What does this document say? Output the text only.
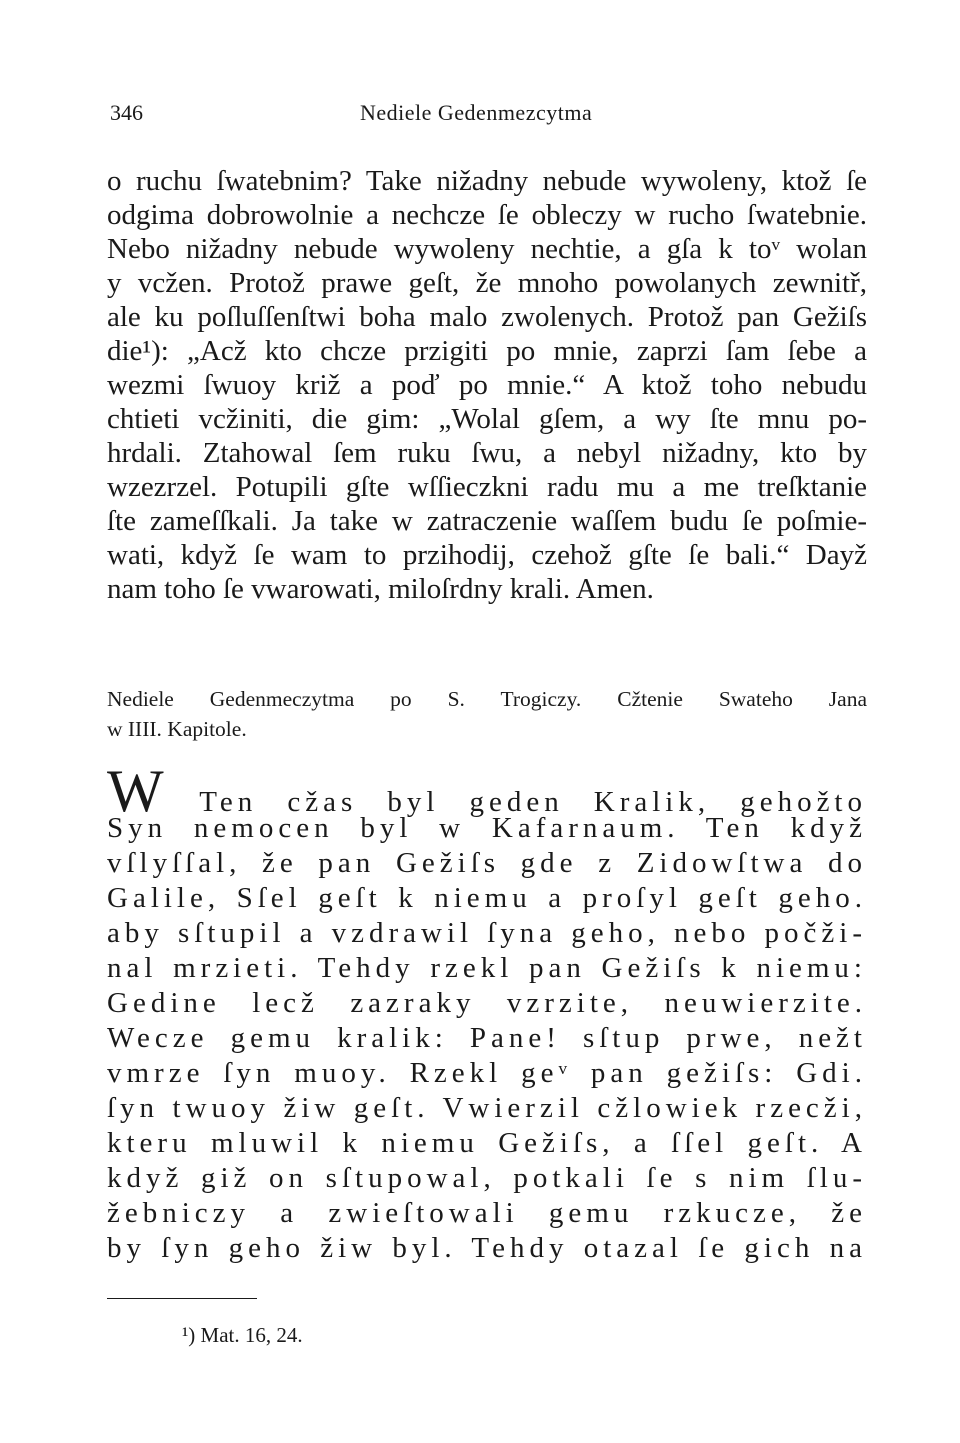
346	Nediele Gedenmezcytma
o ruchu ſwatebnim? Take nižadny nebude wywoleny, ktož ſe
odgima dobrowolnie a nechcze ſe obleczy w rucho ſwatebnie.
Nebo nižadny nebude wywoleny nechtie, a gſa k toᵛ wolan
y vcžen. Protož prawe geſt, že mnoho powolanych zewnitř,
ale ku poſluſſenſtwi boha malo zwolenych. Protož pan Gežiſs
die¹): „Acž kto chcze przigiti po mnie, zaprzi ſam ſebe a
wezmi ſwuoy križ a poď po mnie.“ A ktož toho nebudu
chtieti vcžiniti, die gim: „Wolal gſem, a wy ſte mnu po-
hrdali. Ztahowal ſem ruku ſwu, a nebyl nižadny, kto by
wzezrzel. Potupili gſte wſſieczkni radu mu a me treſktanie
ſte zameſſkali. Ja take w zatraczenie waſſem budu ſe poſmie-
wati, když ſe wam to przihodij, czehož gſte ſe bali.“ Dayž
nam toho ſe vwarowati, miloſrdny krali. Amen.
Nediele Gedenmeczytma po S. Trogiczy. Cžtenie Swateho Jana
w IIII. Kapitole.
W Ten cžas byl geden Kralik, gehožto
Syn nemocen byl w Kafarnaum. Ten když
vſlyſſal, že pan Gežiſs gde z Zidowſtwa do
Galile, Sſel geſt k niemu a proſyl geſt geho.
aby sſtupil a vzdrawil ſyna geho, nebo počži-
nal mrzieti. Tehdy rzekl pan Gežiſs k niemu:
Gedine lecž zazraky vzrzite, neuwierzite.
Wecze gemu kralik: Pane! sſtup prwe, nežt
vmrze ſyn muoy. Rzekl geᵛ pan gežiſs: Gdi.
ſyn twuoy žiw geſt. Vwierzil cžlowiek rzecži,
kteru mluwil k niemu Gežiſs, a ſſel geſt. A
když giž on sſtupowal, potkali ſe s nim ſlu-
žebniczy a zwieſtowali gemu rzkucze, že
by ſyn geho žiw byl. Tehdy otazal ſe gich na
¹) Mat. 16, 24.
